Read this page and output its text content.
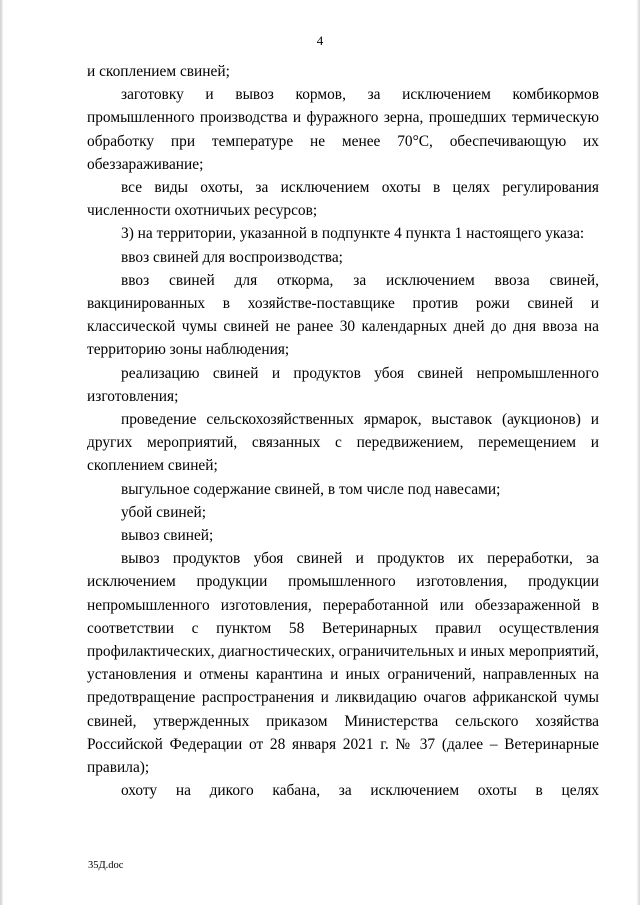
4

и скоплением свиней;

заготовку и вывоз кормов, за исключением комбикормов промышленного производства и фуражного зерна, прошедших термическую обработку при температуре не менее 70°С, обеспечивающую их обеззараживание;

все виды охоты, за исключением охоты в целях регулирования численности охотничьих ресурсов;

3) на территории, указанной в подпункте 4 пункта 1 настоящего указа:

ввоз свиней для воспроизводства;

ввоз свиней для откорма, за исключением ввоза свиней, вакцинированных в хозяйстве-поставщике против рожи свиней и классической чумы свиней не ранее 30 календарных дней до дня ввоза на территорию зоны наблюдения;

реализацию свиней и продуктов убоя свиней непромышленного изготовления;

проведение сельскохозяйственных ярмарок, выставок (аукционов) и других мероприятий, связанных с передвижением, перемещением и скоплением свиней;

выгульное содержание свиней, в том числе под навесами;

убой свиней;

вывоз свиней;

вывоз продуктов убоя свиней и продуктов их переработки, за исключением продукции промышленного изготовления, продукции непромышленного изготовления, переработанной или обеззараженной в соответствии с пунктом 58 Ветеринарных правил осуществления профилактических, диагностических, ограничительных и иных мероприятий, установления и отмены карантина и иных ограничений, направленных на предотвращение распространения и ликвидацию очагов африканской чумы свиней, утвержденных приказом Министерства сельского хозяйства Российской Федерации от 28 января 2021 г. № 37 (далее – Ветеринарные правила);

охоту на дикого кабана, за исключением охоты в целях

35Д.doc
